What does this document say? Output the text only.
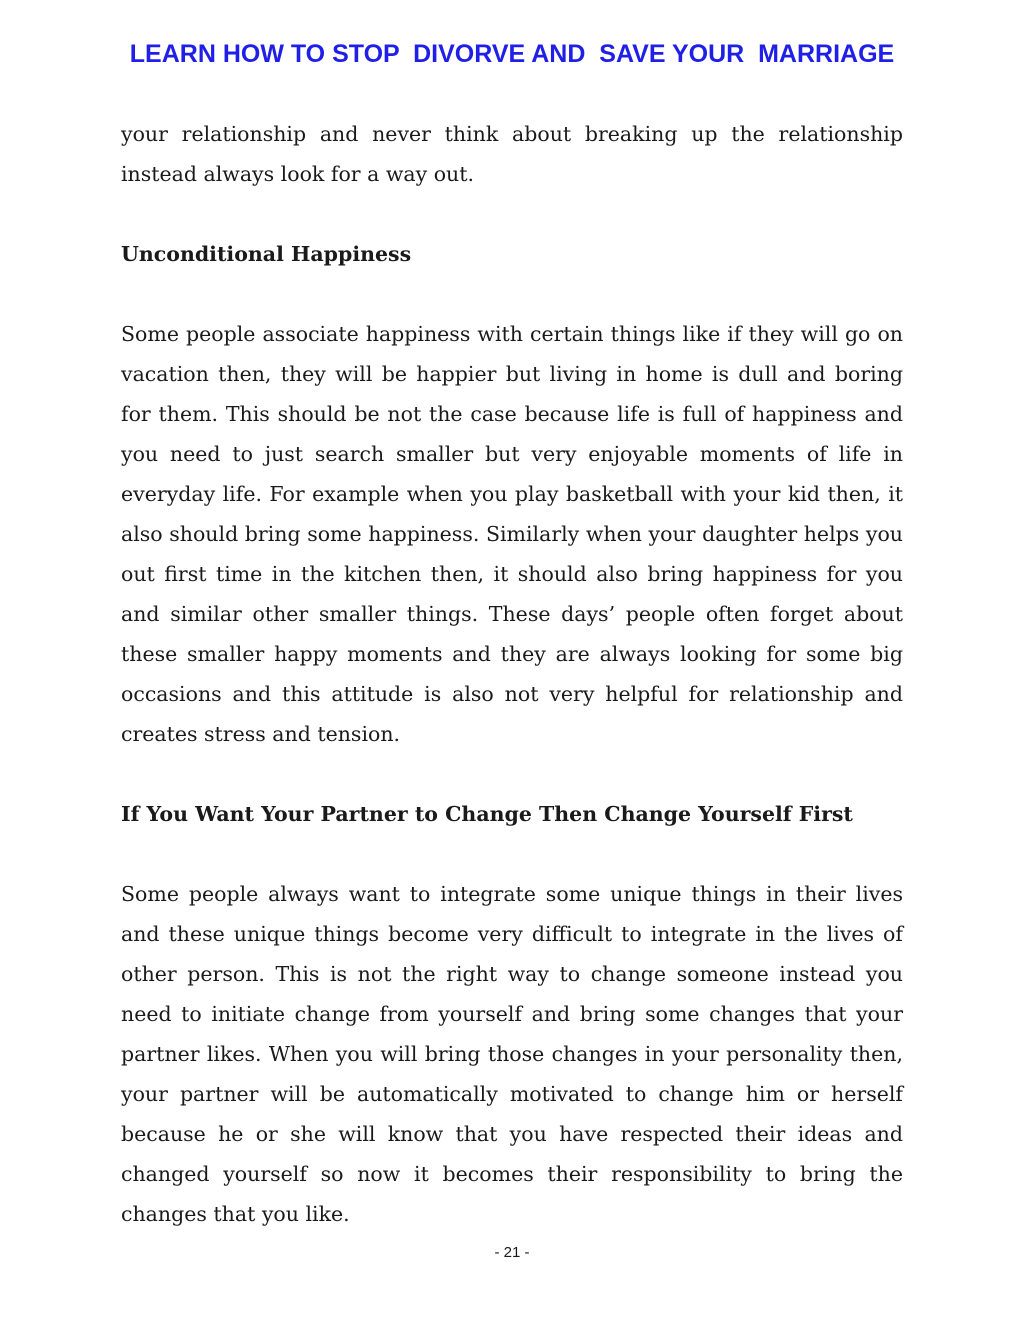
LEARN HOW TO STOP  DIVORVE AND  SAVE YOUR  MARRIAGE

your relationship and never think about breaking up the relationship instead always look for a way out.

Unconditional Happiness

Some people associate happiness with certain things like if they will go on vacation then, they will be happier but living in home is dull and boring for them. This should be not the case because life is full of happiness and you need to just search smaller but very enjoyable moments of life in everyday life. For example when you play basketball with your kid then, it also should bring some happiness. Similarly when your daughter helps you out first time in the kitchen then, it should also bring happiness for you and similar other smaller things. These days’ people often forget about these smaller happy moments and they are always looking for some big occasions and this attitude is also not very helpful for relationship and creates stress and tension.

If You Want Your Partner to Change Then Change Yourself First

Some people always want to integrate some unique things in their lives and these unique things become very difficult to integrate in the lives of other person. This is not the right way to change someone instead you need to initiate change from yourself and bring some changes that your partner likes. When you will bring those changes in your personality then, your partner will be automatically motivated to change him or herself because he or she will know that you have respected their ideas and changed yourself so now it becomes their responsibility to bring the changes that you like.

- 21 -
